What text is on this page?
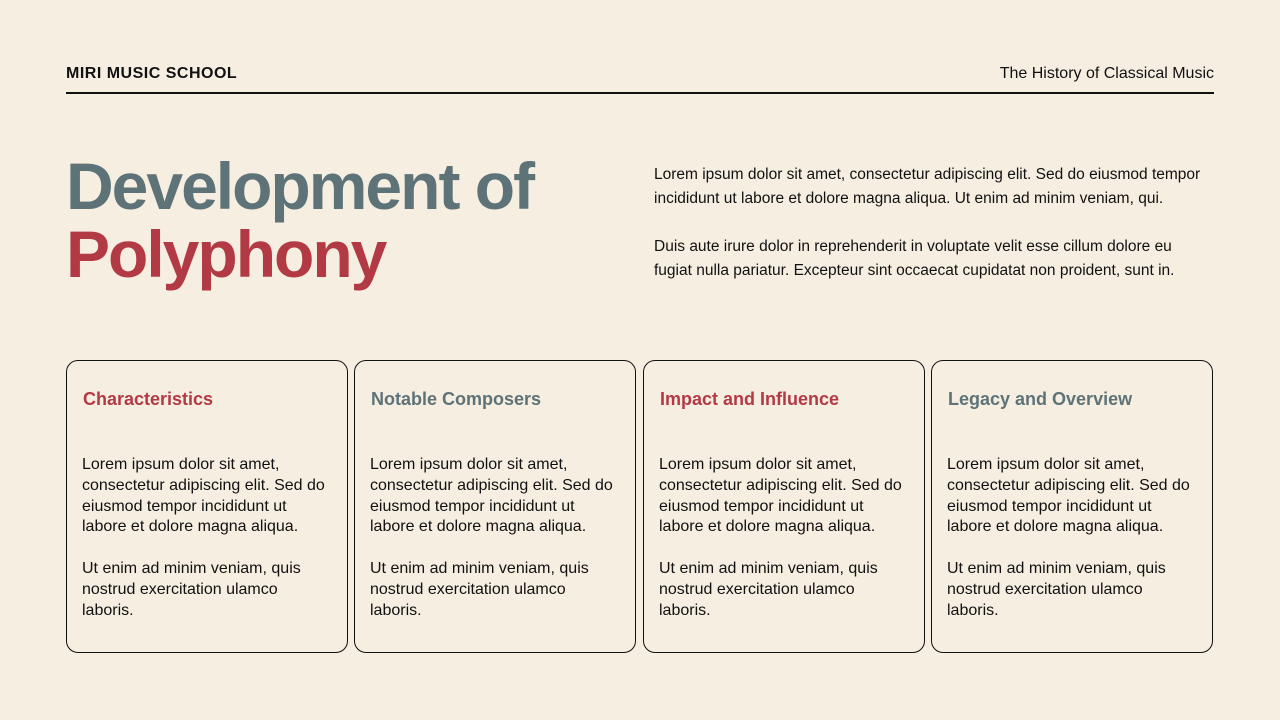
MIRI MUSIC SCHOOL	The History of Classical Music
Development of
Polyphony

Lorem ipsum dolor sit amet, consectetur adipiscing elit. Sed do eiusmod tempor incididunt ut labore et dolore magna aliqua. Ut enim ad minim veniam, qui.

Duis aute irure dolor in reprehenderit in voluptate velit esse cillum dolore eu fugiat nulla pariatur. Excepteur sint occaecat cupidatat non proident, sunt in.

Characteristics

Lorem ipsum dolor sit amet, consectetur adipiscing elit. Sed do eiusmod tempor incididunt ut labore et dolore magna aliqua.

Ut enim ad minim veniam, quis nostrud exercitation ulamco laboris.

Notable Composers

Lorem ipsum dolor sit amet, consectetur adipiscing elit. Sed do eiusmod tempor incididunt ut labore et dolore magna aliqua.

Ut enim ad minim veniam, quis nostrud exercitation ulamco laboris.

Impact and Influence

Lorem ipsum dolor sit amet, consectetur adipiscing elit. Sed do eiusmod tempor incididunt ut labore et dolore magna aliqua.

Ut enim ad minim veniam, quis nostrud exercitation ulamco laboris.

Legacy and Overview

Lorem ipsum dolor sit amet, consectetur adipiscing elit. Sed do eiusmod tempor incididunt ut labore et dolore magna aliqua.

Ut enim ad minim veniam, quis nostrud exercitation ulamco laboris.
